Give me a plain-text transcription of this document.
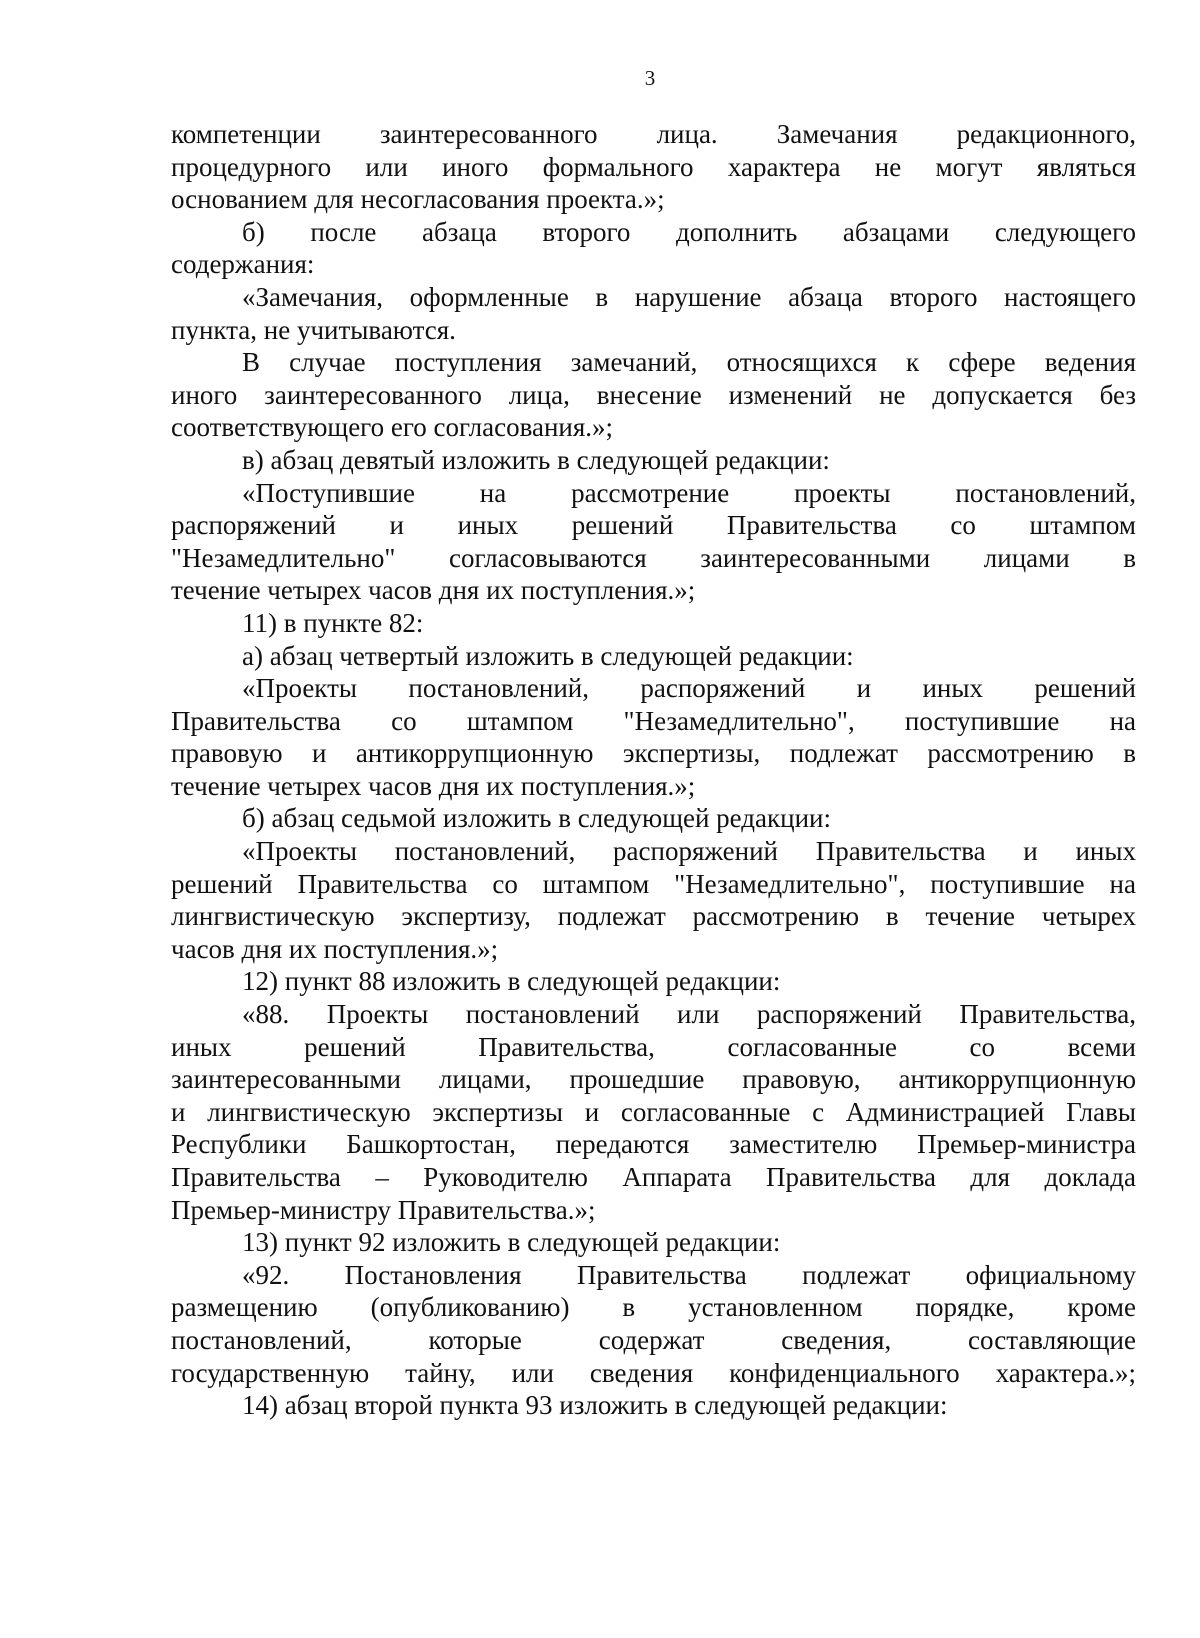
3
компетенции заинтересованного лица. Замечания редакционного,
процедурного или иного формального характера не могут являться
основанием для несогласования проекта.»;
б) после абзаца второго дополнить абзацами следующего
содержания:
«Замечания, оформленные в нарушение абзаца второго настоящего
пункта, не учитываются.
В случае поступления замечаний, относящихся к сфере ведения
иного заинтересованного лица, внесение изменений не допускается без
соответствующего его согласования.»;
в) абзац девятый изложить в следующей редакции:
«Поступившие на рассмотрение проекты постановлений,
распоряжений и иных решений Правительства со штампом
"Незамедлительно" согласовываются заинтересованными лицами в
течение четырех часов дня их поступления.»;
11) в пункте 82:
а) абзац четвертый изложить в следующей редакции:
«Проекты постановлений, распоряжений и иных решений
Правительства со штампом "Незамедлительно", поступившие на
правовую и антикоррупционную экспертизы, подлежат рассмотрению в
течение четырех часов дня их поступления.»;
б) абзац седьмой изложить в следующей редакции:
«Проекты постановлений, распоряжений Правительства и иных
решений Правительства со штампом "Незамедлительно", поступившие на
лингвистическую экспертизу, подлежат рассмотрению в течение четырех
часов дня их поступления.»;
12) пункт 88 изложить в следующей редакции:
«88. Проекты постановлений или распоряжений Правительства,
иных решений Правительства, согласованные со всеми
заинтересованными лицами, прошедшие правовую, антикоррупционную
и лингвистическую экспертизы и согласованные с Администрацией Главы
Республики Башкортостан, передаются заместителю Премьер-министра
Правительства – Руководителю Аппарата Правительства для доклада
Премьер-министру Правительства.»;
13) пункт 92 изложить в следующей редакции:
«92. Постановления Правительства подлежат официальному
размещению (опубликованию) в установленном порядке, кроме
постановлений, которые содержат сведения, составляющие
государственную тайну, или сведения конфиденциального характера.»;
14) абзац второй пункта 93 изложить в следующей редакции:
